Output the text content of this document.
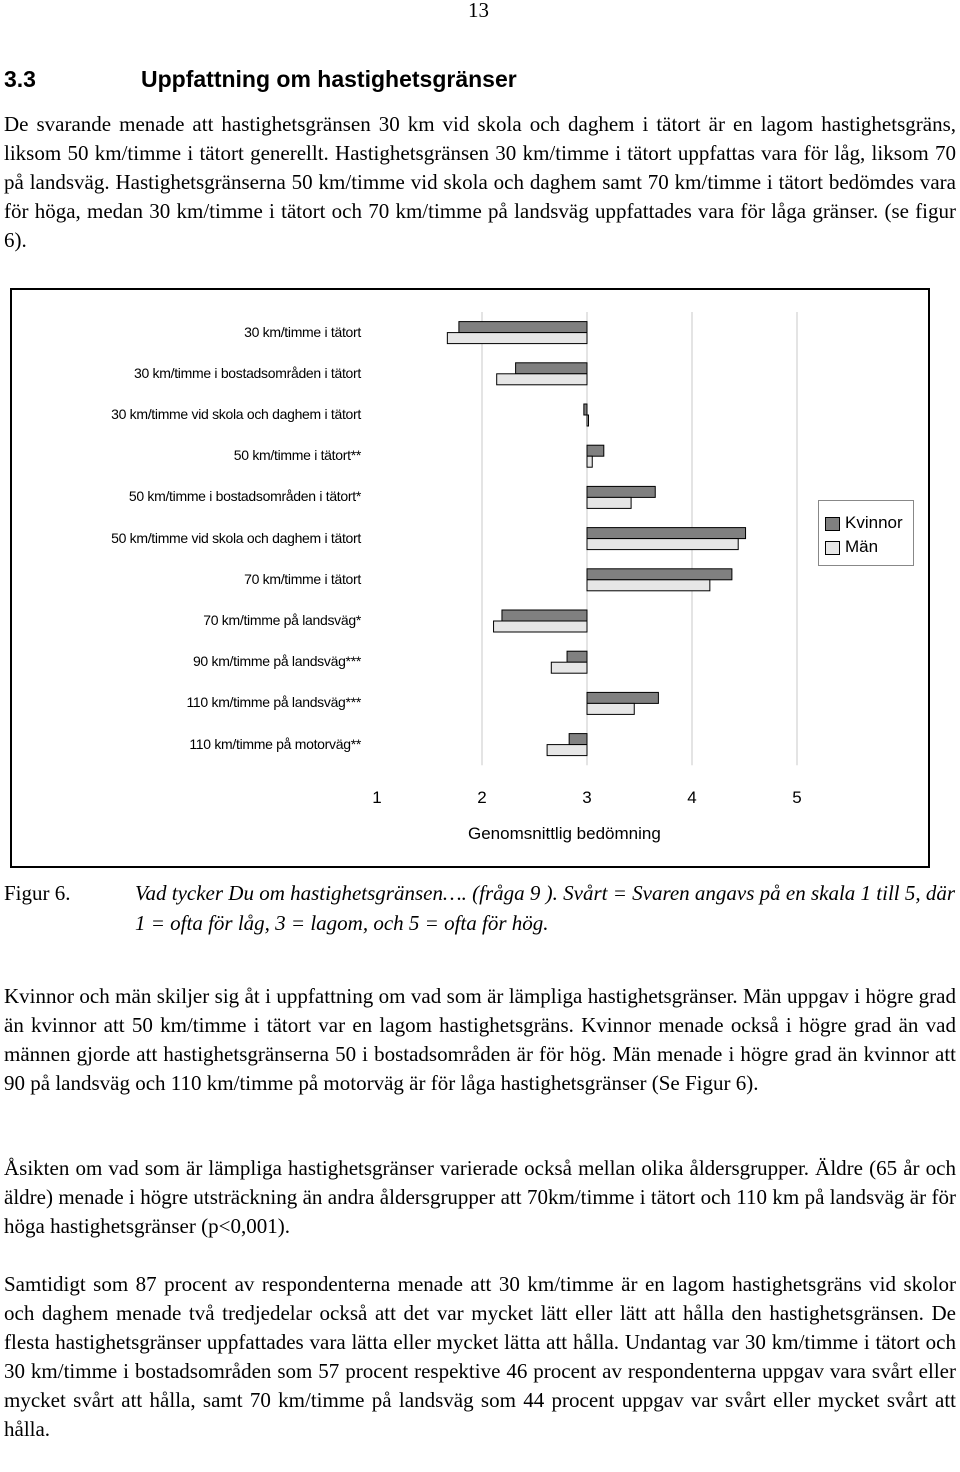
13
3.3	Uppfattning om hastighetsgränser

De svarande menade att hastighetsgränsen 30 km vid skola och daghem i tätort är en lagom hastighetsgräns, liksom 50 km/timme i tätort generellt. Hastighetsgränsen 30 km/timme i tätort uppfattas vara för låg, liksom 70 på landsväg. Hastighetsgränserna 50 km/timme vid skola och daghem samt 70 km/timme i tätort bedömdes vara för höga, medan 30 km/timme i tätort och 70 km/timme på landsväg uppfattades vara för låga gränser. (se figur 6).

30 km/timme i tätort
30 km/timme i bostadsområden i tätort
30 km/timme vid skola och daghem i tätort
50 km/timme i tätort**
50 km/timme i bostadsområden i tätort*
50 km/timme vid skola och daghem i tätort
70 km/timme i tätort
70 km/timme på landsväg*
90 km/timme på landsväg***
110 km/timme på landsväg***
110 km/timme på motorväg**
1	2	3	4	5
Genomsnittlig bedömning
Kvinnor
Män
Figur 6.	Vad tycker Du om hastighetsgränsen…. (fråga 9 ). Svårt = Svaren angavs på en skala 1 till 5, där 1 = ofta för låg, 3 = lagom, och 5 = ofta för hög.

Kvinnor och män skiljer sig åt i uppfattning om vad som är lämpliga hastighetsgränser. Män uppgav i högre grad än kvinnor att 50 km/timme i tätort var en lagom hastighetsgräns. Kvinnor menade också i högre grad än vad männen gjorde att hastighetsgränserna 50 i bostadsområden är för hög. Män menade i högre grad än kvinnor att 90 på landsväg och 110 km/timme på motorväg är för låga hastighetsgränser (Se Figur 6).

Åsikten om vad som är lämpliga hastighetsgränser varierade också mellan olika åldersgrupper. Äldre (65 år och äldre) menade i högre utsträckning än andra åldersgrupper att 70km/timme i tätort och 110 km på landsväg är för höga hastighetsgränser (p<0,001).

Samtidigt som 87 procent av respondenterna menade att 30 km/timme är en lagom hastighetsgräns vid skolor och daghem menade två tredjedelar också att det var mycket lätt eller lätt att hålla den hastighetsgränsen. De flesta hastighetsgränser uppfattades vara lätta eller mycket lätta att hålla. Undantag var 30 km/timme i tätort och 30 km/timme i bostadsområden som 57 procent respektive 46 procent av respondenterna uppgav vara svårt eller mycket svårt att hålla, samt 70 km/timme på landsväg som 44 procent uppgav var svårt eller mycket svårt att hålla.
